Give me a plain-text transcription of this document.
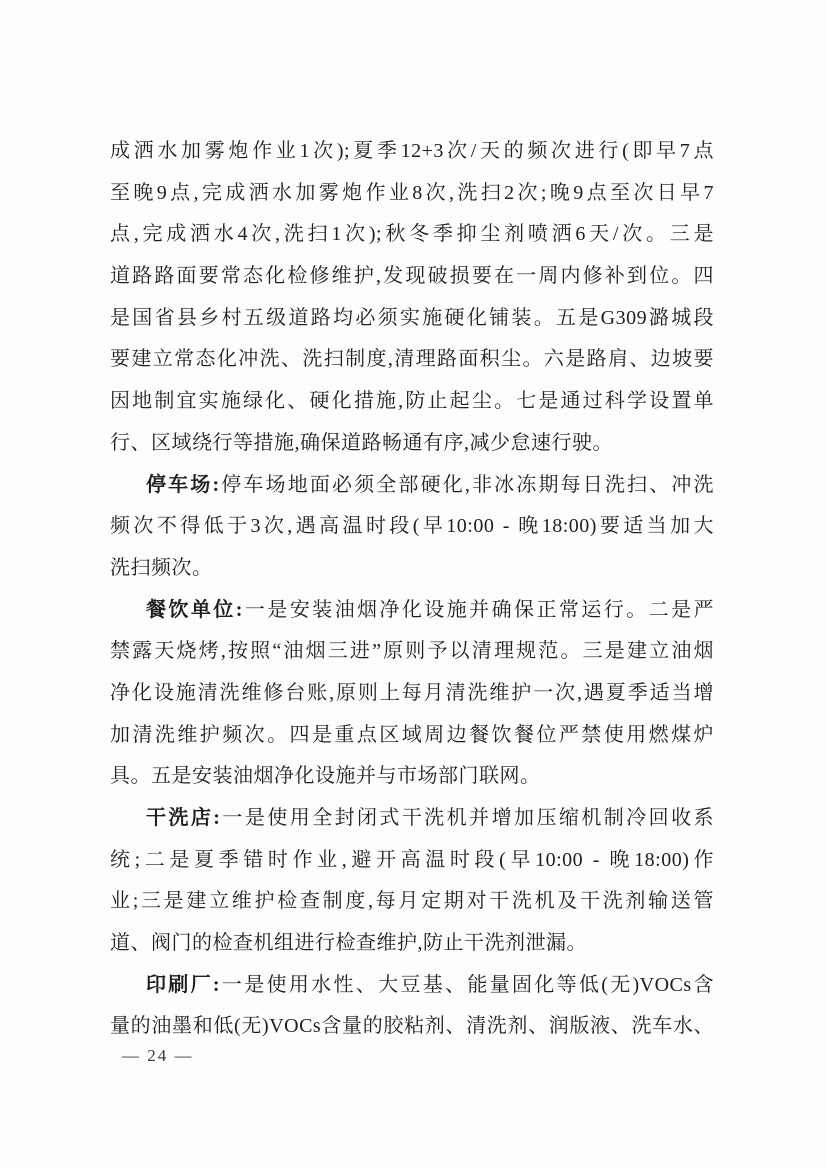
成洒水加雾炮作业1次);夏季12+3次/天的频次进行(即早7点
至晚9点,完成洒水加雾炮作业8次,洗扫2次;晚9点至次日早7
点,完成洒水4次,洗扫1次);秋冬季抑尘剂喷洒6天/次。三是
道路路面要常态化检修维护,发现破损要在一周内修补到位。四
是国省县乡村五级道路均必须实施硬化铺装。五是G309潞城段
要建立常态化冲洗、洗扫制度,清理路面积尘。六是路肩、边坡要
因地制宜实施绿化、硬化措施,防止起尘。七是通过科学设置单
行、区域绕行等措施,确保道路畅通有序,减少怠速行驶。
停车场:停车场地面必须全部硬化,非冰冻期每日洗扫、冲洗
频次不得低于3次,遇高温时段(早10:00 - 晚18:00)要适当加大
洗扫频次。
餐饮单位:一是安装油烟净化设施并确保正常运行。二是严
禁露天烧烤,按照“油烟三进”原则予以清理规范。三是建立油烟
净化设施清洗维修台账,原则上每月清洗维护一次,遇夏季适当增
加清洗维护频次。四是重点区域周边餐饮餐位严禁使用燃煤炉
具。五是安装油烟净化设施并与市场部门联网。
干洗店:一是使用全封闭式干洗机并增加压缩机制冷回收系
统;二是夏季错时作业,避开高温时段(早10:00 - 晚18:00)作
业;三是建立维护检查制度,每月定期对干洗机及干洗剂输送管
道、阀门的检查机组进行检查维护,防止干洗剂泄漏。
印刷厂:一是使用水性、大豆基、能量固化等低(无)VOCs含
量的油墨和低(无)VOCs含量的胶粘剂、清洗剂、润版液、洗车水、
— 24 —
